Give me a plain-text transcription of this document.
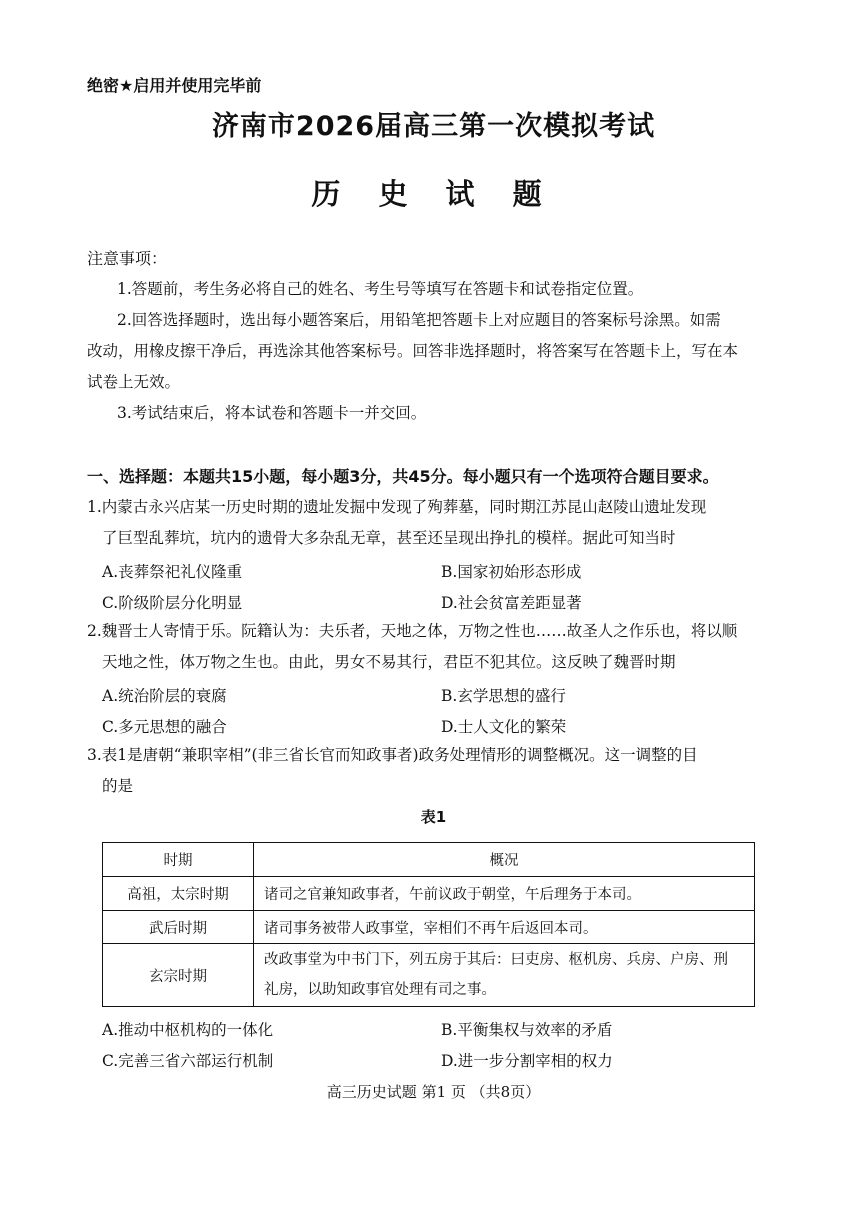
绝密★启用并使用完毕前
济南市2026届高三第一次模拟考试
历 史 试 题
注意事项：
1.答题前，考生务必将自己的姓名、考生号等填写在答题卡和试卷指定位置。
2.回答选择题时，选出每小题答案后，用铅笔把答题卡上对应题目的答案标号涂黑。如需
改动，用橡皮擦干净后，再选涂其他答案标号。回答非选择题时，将答案写在答题卡上，写在本
试卷上无效。
3.考试结束后，将本试卷和答题卡一并交回。
一、选择题：本题共15小题，每小题3分，共45分。每小题只有一个选项符合题目要求。
1.内蒙古永兴店某一历史时期的遗址发掘中发现了殉葬墓，同时期江苏昆山赵陵山遗址发现
了巨型乱葬坑，坑内的遗骨大多杂乱无章，甚至还呈现出挣扎的模样。据此可知当时
A.丧葬祭祀礼仪隆重	B.国家初始形态形成
C.阶级阶层分化明显	D.社会贫富差距显著
2.魏晋士人寄情于乐。阮籍认为：夫乐者，天地之体，万物之性也……故圣人之作乐也，将以顺
天地之性，体万物之生也。由此，男女不易其行，君臣不犯其位。这反映了魏晋时期
A.统治阶层的衰腐	B.玄学思想的盛行
C.多元思想的融合	D.士人文化的繁荣
3.表1是唐朝“兼职宰相”(非三省长官而知政事者)政务处理情形的调整概况。这一调整的目
的是
表1
时期	概况
高祖，太宗时期	诸司之官兼知政事者，午前议政于朝堂，午后理务于本司。
武后时期	诸司事务被带人政事堂，宰相们不再午后返回本司。
玄宗时期	改政事堂为中书门下，列五房于其后：曰吏房、枢机房、兵房、户房、刑
礼房，以助知政事官处理有司之事。
A.推动中枢机构的一体化	B.平衡集权与效率的矛盾
C.完善三省六部运行机制	D.进一步分割宰相的权力
高三历史试题 第1 页 （共8页）
